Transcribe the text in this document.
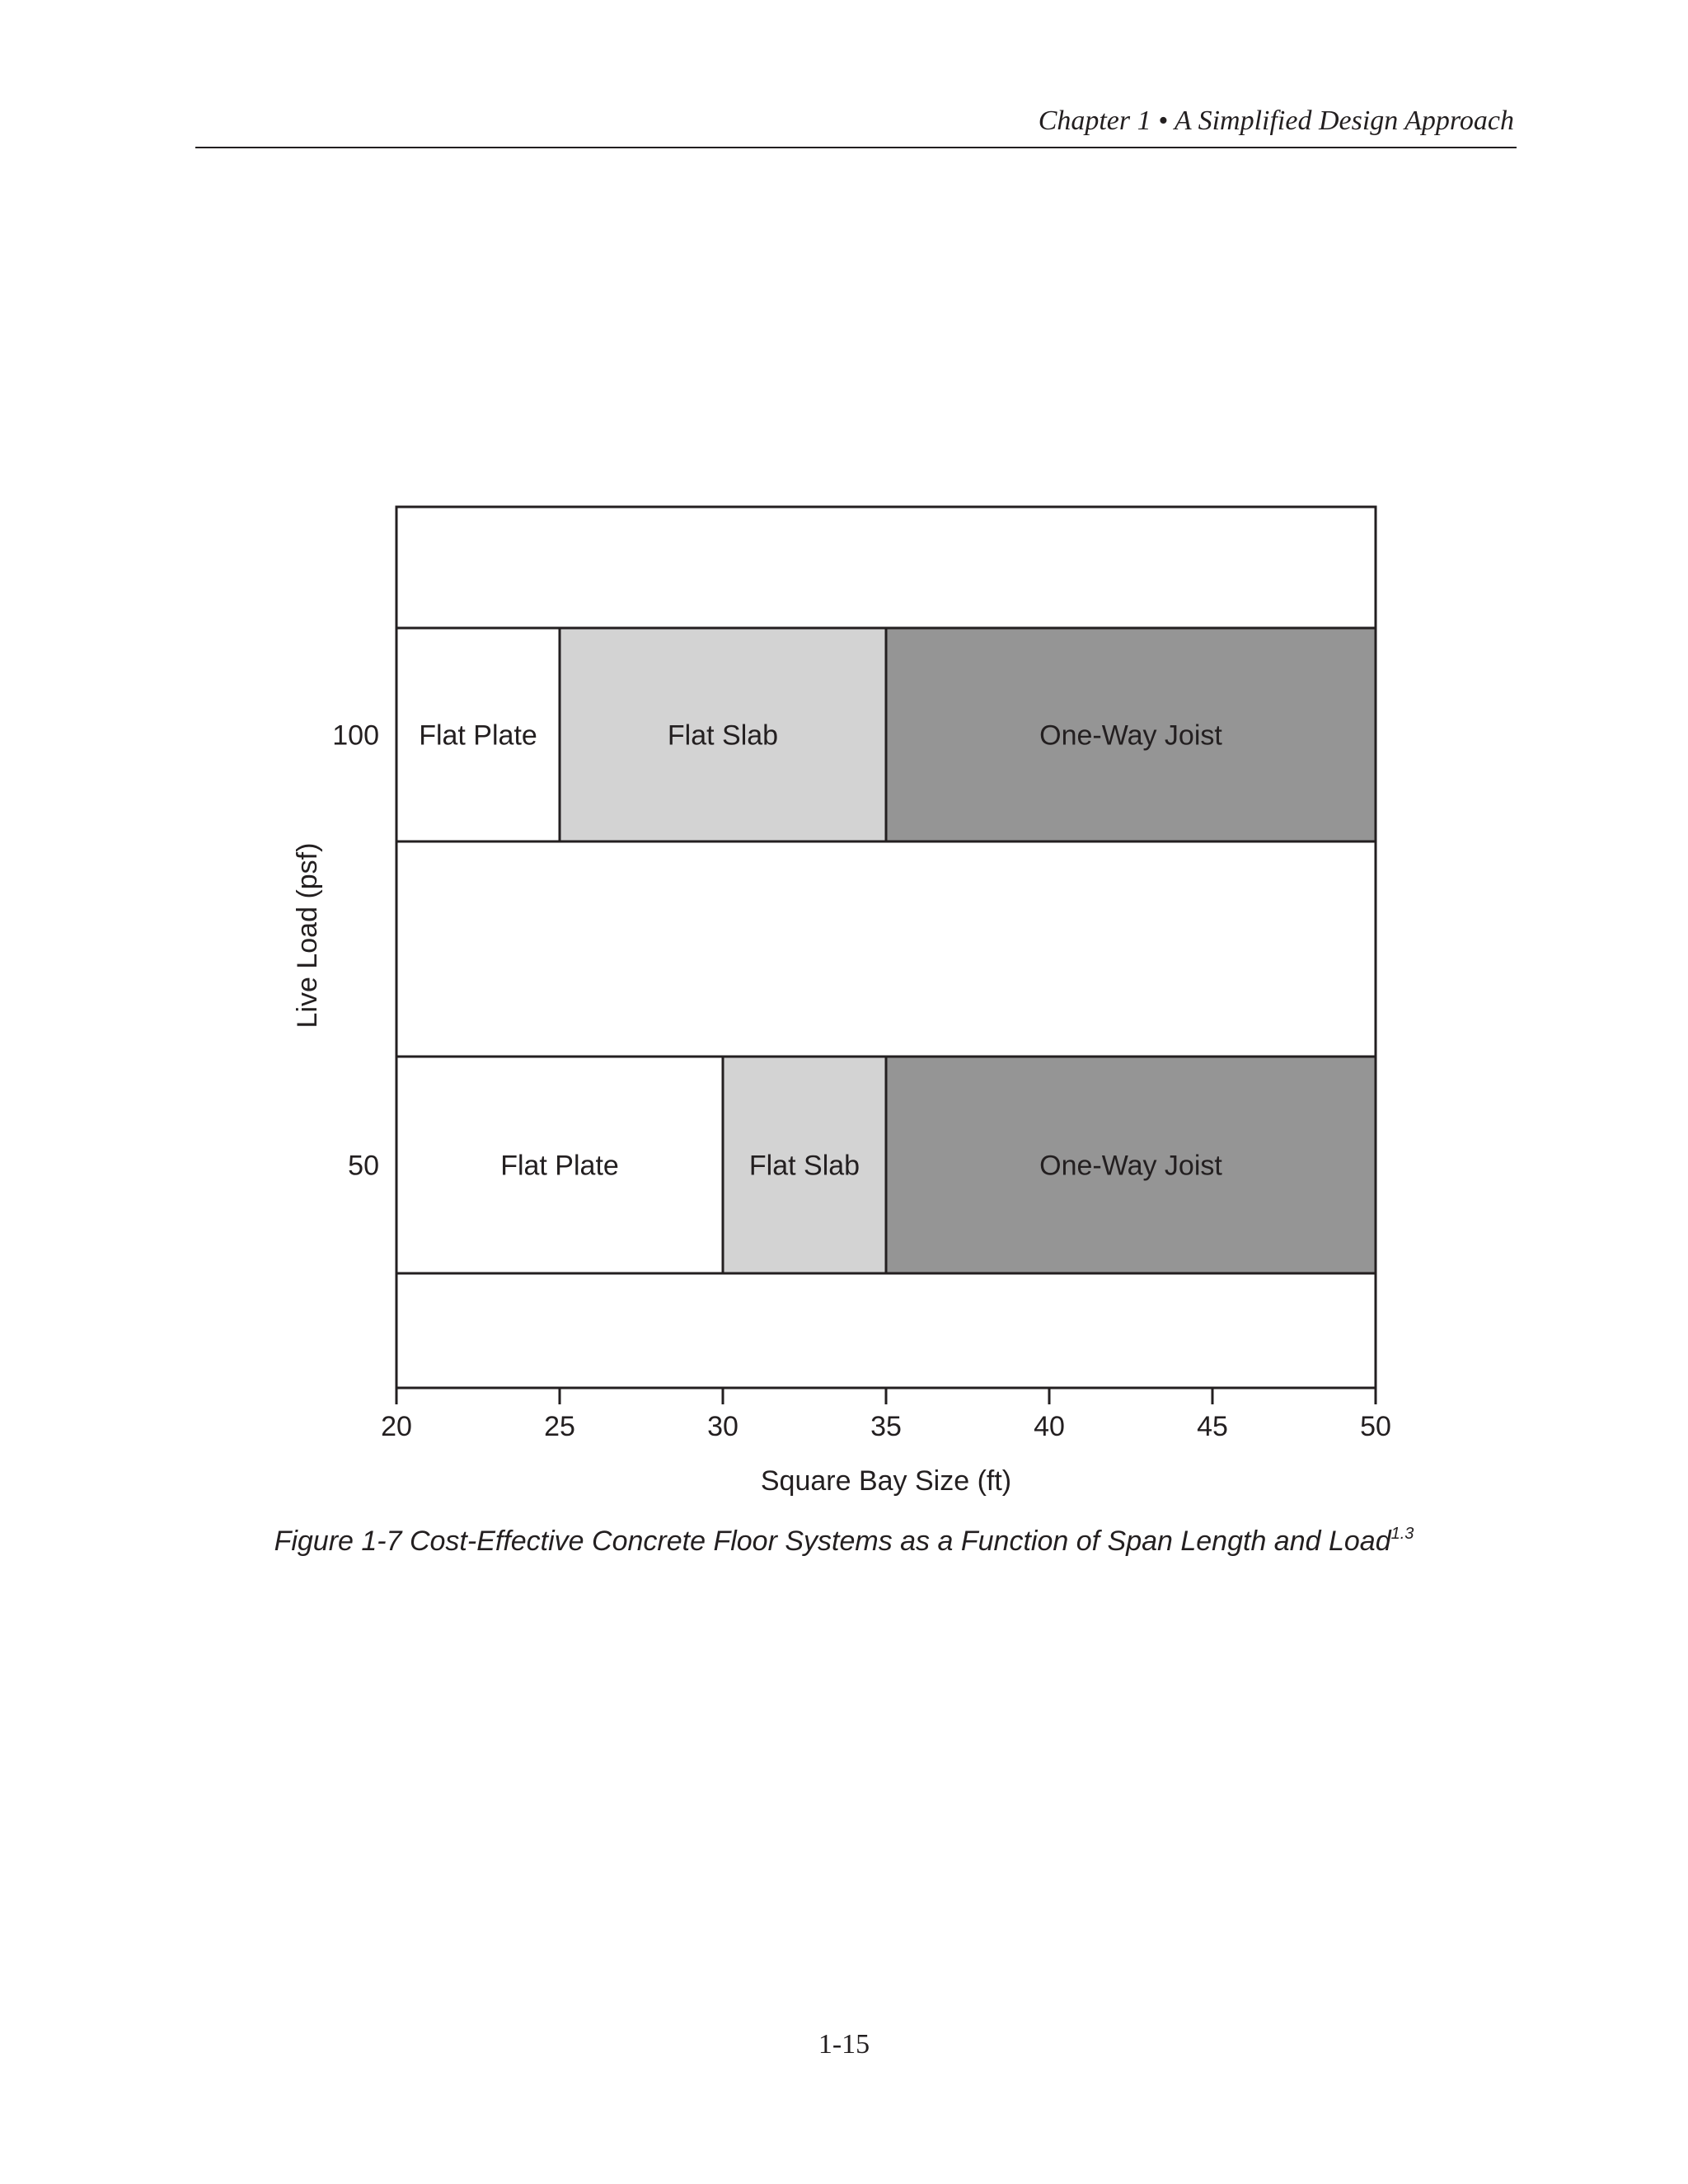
Chapter 1 • A Simplified Design Approach
Flat Plate	Flat Slab	One-Way Joist
100
Flat Plate	Flat Slab	One-Way Joist
50
20	25	30	35	40	45	50
Square Bay Size (ft)
Live Load (psf)
Figure 1-7 Cost-Effective Concrete Floor Systems as a Function of Span Length and Load$^{1.3}$
1-15
